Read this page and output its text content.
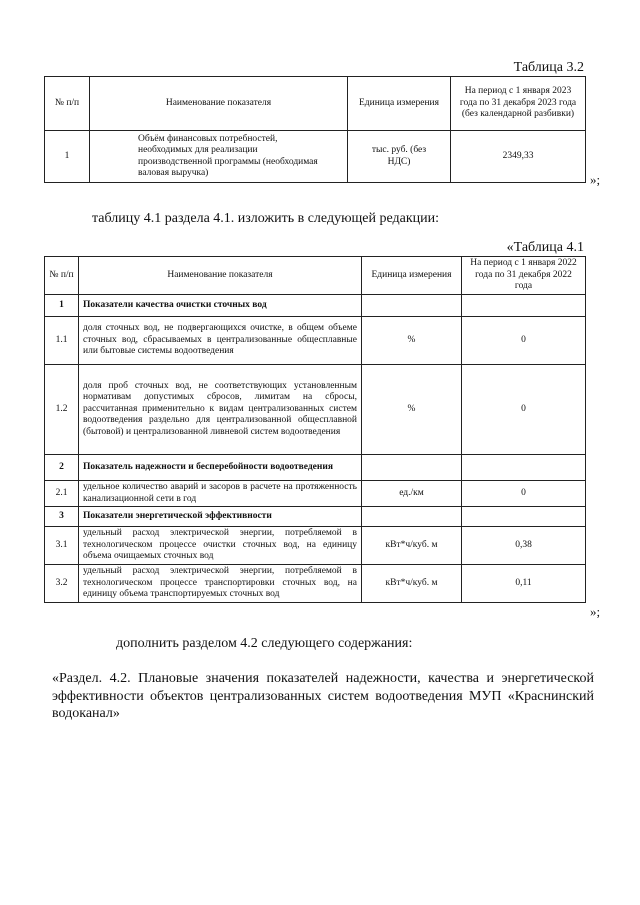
Таблица 3.2
№ п/п	Наименование показателя	Единица измерения	На период с 1 января 2023 года по 31 декабря 2023 года (без календарной разбивки)
1	Объём финансовых потребностей, необходимых для реализации производственной программы (необходимая валовая выручка)	тыс. руб. (без НДС)	2349,33
»;
таблицу 4.1 раздела 4.1. изложить в следующей редакции:
«Таблица 4.1
№ п/п	Наименование показателя	Единица измерения	На период с 1 января 2022 года по 31 декабря 2022 года
1	Показатели качества очистки сточных вод		
1.1	доля сточных вод, не подвергающихся очистке, в общем объеме сточных вод, сбрасываемых в централизованные общесплавные или бытовые системы водоотведения	%	0
1.2	доля проб сточных вод, не соответствующих установленным нормативам допустимых сбросов, лимитам на сбросы, рассчитанная применительно к видам централизованных систем водоотведения раздельно для централизованной общесплавной (бытовой) и централизованной ливневой систем водоотведения	%	0
2	Показатель надежности и бесперебойности водоотведения		
2.1	удельное количество аварий и засоров в расчете на протяженность канализационной сети в год	ед./км	0
3	Показатели энергетической эффективности		
3.1	удельный расход электрической энергии, потребляемой в технологическом процессе очистки сточных вод, на единицу объема очищаемых сточных вод	кВт*ч/куб. м	0,38
3.2	удельный расход электрической энергии, потребляемой в технологическом процессе транспортировки сточных вод, на единицу объема транспортируемых сточных вод	кВт*ч/куб. м	0,11
»;
дополнить разделом 4.2 следующего содержания:
«Раздел. 4.2. Плановые значения показателей надежности, качества и энергетической эффективности объектов централизованных систем водоотведения МУП «Краснинский водоканал»
